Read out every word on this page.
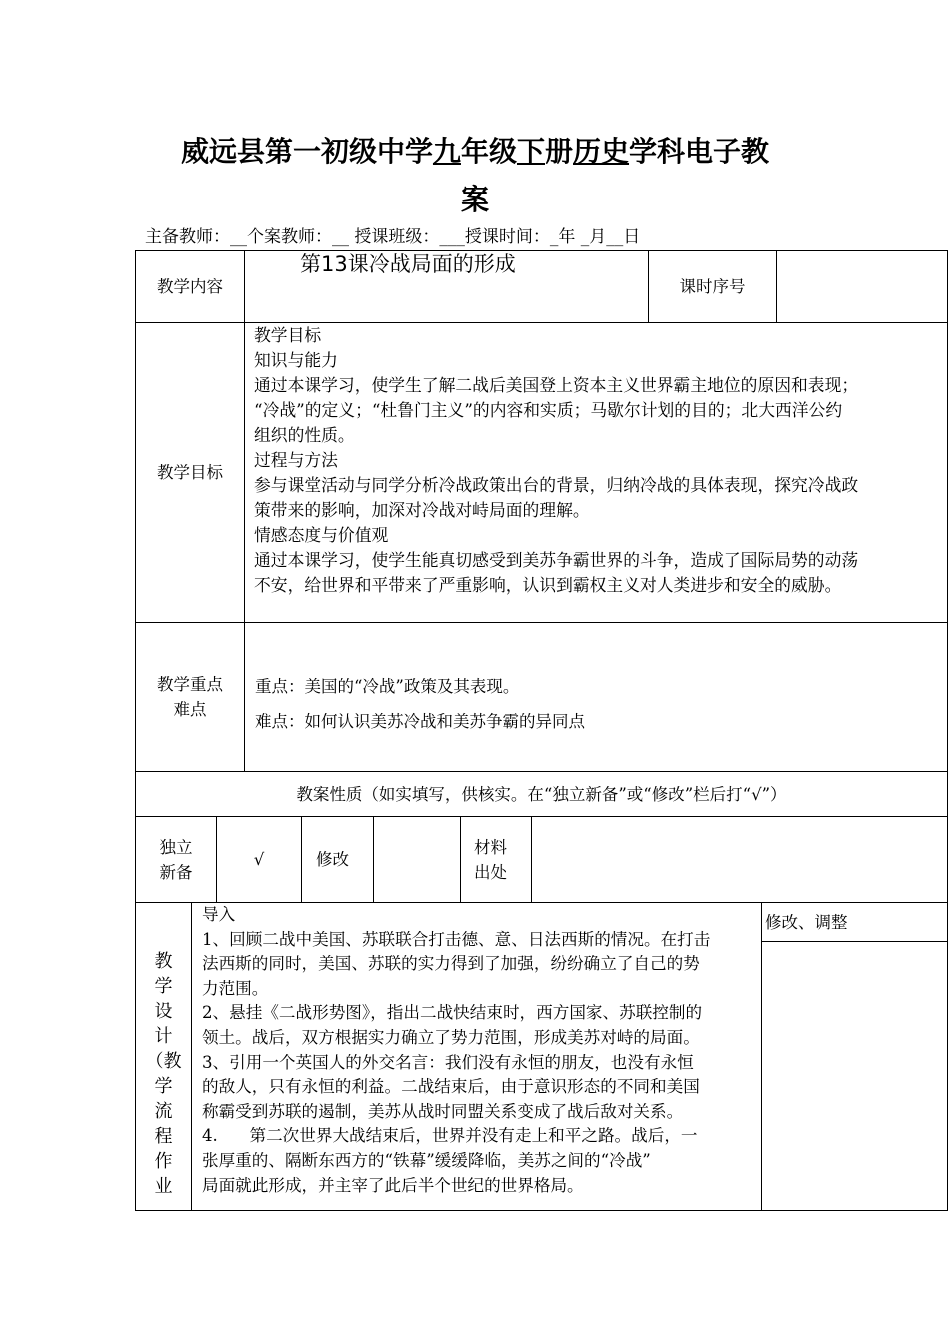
威远县第一初级中学九年级下册历史学科电子教
案
主备教师：__个案教师：__ 授课班级：___授课时间：_年 _月__日
教学内容
第13课冷战局面的形成
课时序号
教学目标
教学目标
知识与能力
通过本课学习，使学生了解二战后美国登上资本主义世界霸主地位的原因和表现；
“冷战”的定义；“杜鲁门主义”的内容和实质；马歇尔计划的目的；北大西洋公约
组织的性质。
过程与方法
参与课堂活动与同学分析冷战政策出台的背景，归纳冷战的具体表现，探究冷战政
策带来的影响，加深对冷战对峙局面的理解。
情感态度与价值观
通过本课学习，使学生能真切感受到美苏争霸世界的斗争，造成了国际局势的动荡
不安，给世界和平带来了严重影响，认识到霸权主义对人类进步和安全的威胁。
教学重点
难点
重点：美国的“冷战”政策及其表现。
难点：如何认识美苏冷战和美苏争霸的异同点
教案性质（如实填写，供核实。在“独立新备”或“修改”栏后打“√”）
独立
新备
√	修改
材料
出处
教
学
设
计
（教
学
流
程
作
业
导入
1、回顾二战中美国、苏联联合打击德、意、日法西斯的情况。在打击
法西斯的同时，美国、苏联的实力得到了加强，纷纷确立了自己的势
力范围。
2、悬挂《二战形势图》，指出二战快结束时，西方国家、苏联控制的
领土。战后，双方根据实力确立了势力范围，形成美苏对峙的局面。
3、引用一个英国人的外交名言：我们没有永恒的朋友，也没有永恒
的敌人，只有永恒的利益。二战结束后，由于意识形态的不同和美国
称霸受到苏联的遏制，美苏从战时同盟关系变成了战后敌对关系。
4.      第二次世界大战结束后，世界并没有走上和平之路。战后，一
张厚重的、隔断东西方的“铁幕”缓缓降临，美苏之间的“冷战”
局面就此形成，并主宰了此后半个世纪的世界格局。
修改、调整
